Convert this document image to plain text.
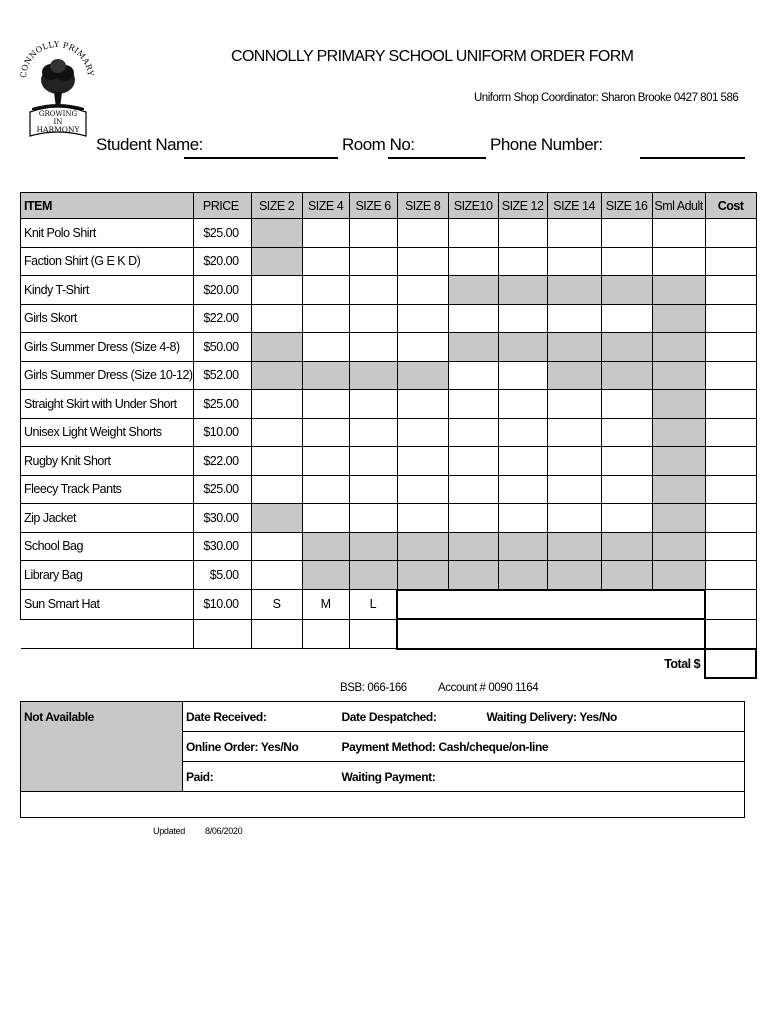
CONNOLLY PRIMARY
GROWING
IN
HARMONY
CONNOLLY PRIMARY SCHOOL UNIFORM ORDER FORM
Uniform Shop Coordinator: Sharon Brooke 0427 801 586
Student Name:	Room No:	Phone Number:
ITEM	PRICE	SIZE 2	SIZE 4	SIZE 6	SIZE 8	SIZE10	SIZE 12	SIZE 14	SIZE 16	Sml Adult	Cost
Knit Polo Shirt	$25.00										
Faction Shirt (G E K D)	$20.00										
Kindy T-Shirt	$20.00										
Girls Skort	$22.00										
Girls Summer Dress (Size 4-8)	$50.00										
Girls Summer Dress (Size 10-12)	$52.00										
Straight Skirt with Under Short	$25.00										
Unisex Light Weight Shorts	$10.00										
Rugby Knit Short	$22.00										
Fleecy Track Pants	$25.00										
Zip Jacket	$30.00										
School Bag	$30.00										
Library Bag	$5.00										
Sun Smart Hat	$10.00	S	M	L							

										Total $	
BSB: 066-166	Account # 0090 1164
Not Available	Date Received:	Date Despatched:	Waiting Delivery: Yes/No
	Online Order: Yes/No	Payment Method: Cash/cheque/on-line	
	Paid:	Waiting Payment:	

Updated 8/06/2020
